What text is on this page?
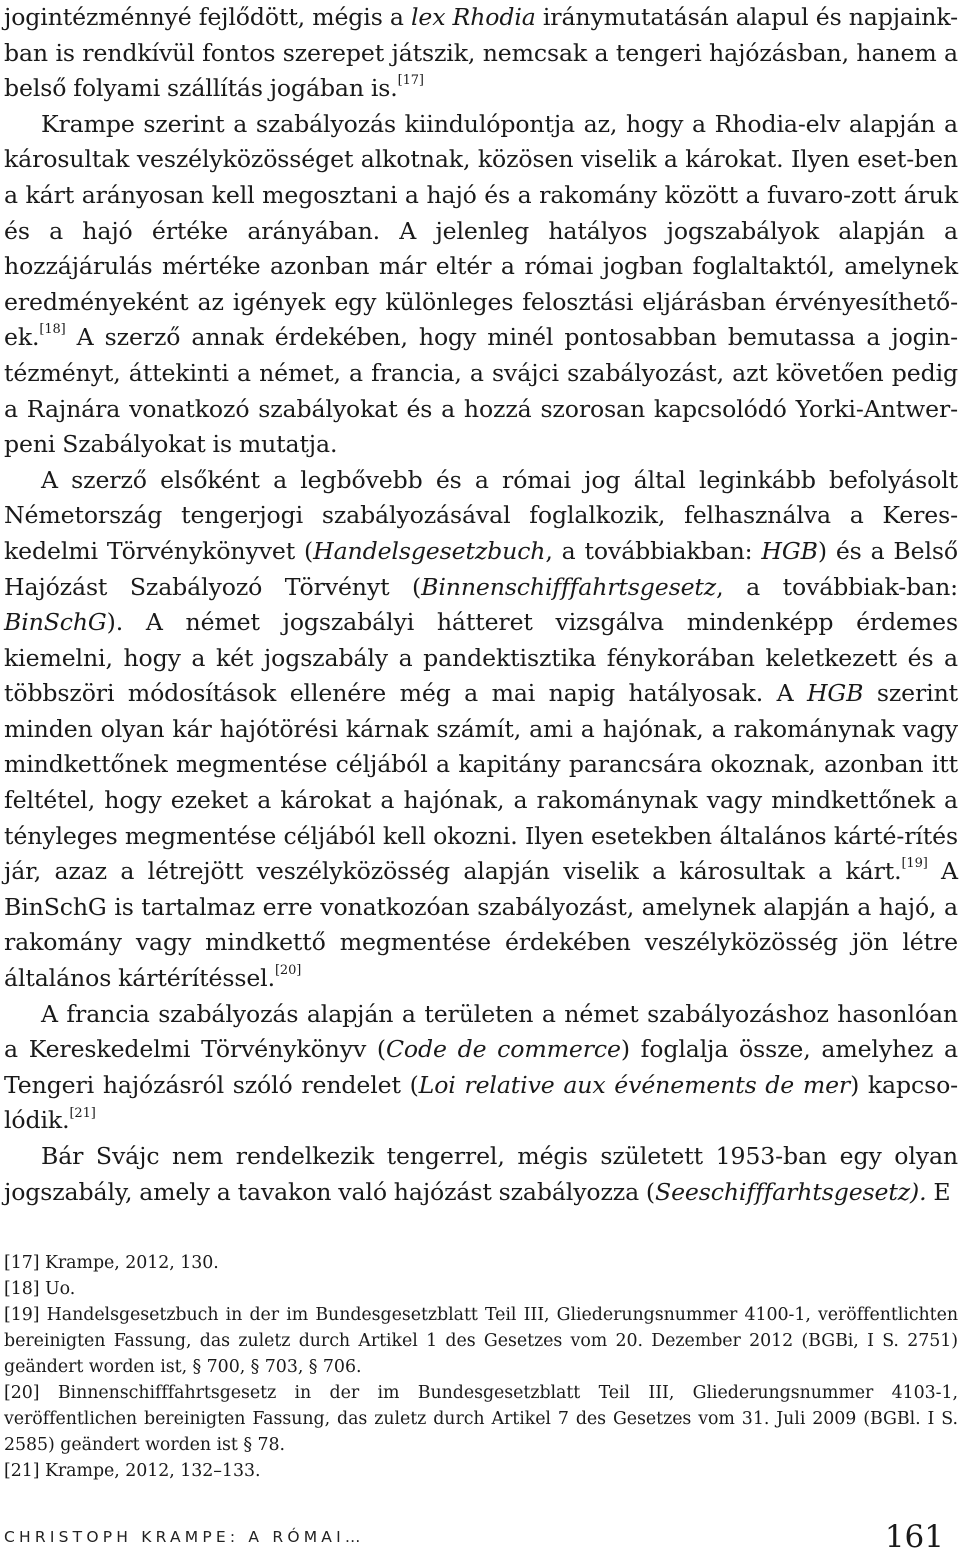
jogintézménnyé fejlődött, mégis a lex Rhodia iránymutatásán alapul és napjaink-ban is rendkívül fontos szerepet játszik, nemcsak a tengeri hajózásban, hanem a belső folyami szállítás jogában is.[17]

Krampe szerint a szabályozás kiindulópontja az, hogy a Rhodia-elv alapján a károsultak veszélyközösséget alkotnak, közösen viselik a károkat. Ilyen eset-ben a kárt arányosan kell megosztani a hajó és a rakomány között a fuvaro-zott áruk és a hajó értéke arányában. A jelenleg hatályos jogszabályok alapján a hozzájárulás mértéke azonban már eltér a római jogban foglaltaktól, amelynek eredményeként az igények egy különleges felosztási eljárásban érvényesíthető-ek.[18] A szerző annak érdekében, hogy minél pontosabban bemutassa a jogin-tézményt, áttekinti a német, a francia, a svájci szabályozást, azt követően pedig a Rajnára vonatkozó szabályokat és a hozzá szorosan kapcsolódó Yorki-Antwer-peni Szabályokat is mutatja.

A szerző elsőként a legbővebb és a római jog által leginkább befolyásolt Németország tengerjogi szabályozásával foglalkozik, felhasználva a Keres-kedelmi Törvénykönyvet (Handelsgesetzbuch, a továbbiakban: HGB) és a Belső Hajózást Szabályozó Törvényt (Binnenschifffahrtsgesetz, a továbbiak-ban: BinSchG). A német jogszabályi hátteret vizsgálva mindenképp érdemes kiemelni, hogy a két jogszabály a pandektisztika fénykorában keletkezett és a többszöri módosítások ellenére még a mai napig hatályosak. A HGB szerint minden olyan kár hajótörési kárnak számít, ami a hajónak, a rakománynak vagy mindkettőnek megmentése céljából a kapitány parancsára okoznak, azonban itt feltétel, hogy ezeket a károkat a hajónak, a rakománynak vagy mindkettőnek a tényleges megmentése céljából kell okozni. Ilyen esetekben általános kárté-rítés jár, azaz a létrejött veszélyközösség alapján viselik a károsultak a kárt.[19] A BinSchG is tartalmaz erre vonatkozóan szabályozást, amelynek alapján a hajó, a rakomány vagy mindkettő megmentése érdekében veszélyközösség jön létre általános kártérítéssel.[20]

A francia szabályozás alapján a területen a német szabályozáshoz hasonlóan a Kereskedelmi Törvénykönyv (Code de commerce) foglalja össze, amelyhez a Tengeri hajózásról szóló rendelet (Loi relative aux événements de mer) kapcso-lódik.[21]

Bár Svájc nem rendelkezik tengerrel, mégis született 1953-ban egy olyan jogszabály, amely a tavakon való hajózást szabályozza (Seeschifffarhtsgesetz). E

[17] Krampe, 2012, 130.

[18] Uo.

[19] Handelsgesetzbuch in der im Bundesgesetzblatt Teil III, Gliederungsnummer 4100-1, veröffentlichten bereinigten Fassung, das zuletz durch Artikel 1 des Gesetzes vom 20. Dezember 2012 (BGBi, I S. 2751) geändert worden ist, § 700, § 703, § 706.

[20] Binnenschifffahrtsgesetz in der im Bundesgesetzblatt Teil III, Gliederungsnummer 4103-1, veröffentlichen bereinigten Fassung, das zuletz durch Artikel 7 des Gesetzes vom 31. Juli 2009 (BGBl. I S. 2585) geändert worden ist § 78.

[21] Krampe, 2012, 132–133.

CHRISTOPH KRAMPE: A RÓMAI…	161
